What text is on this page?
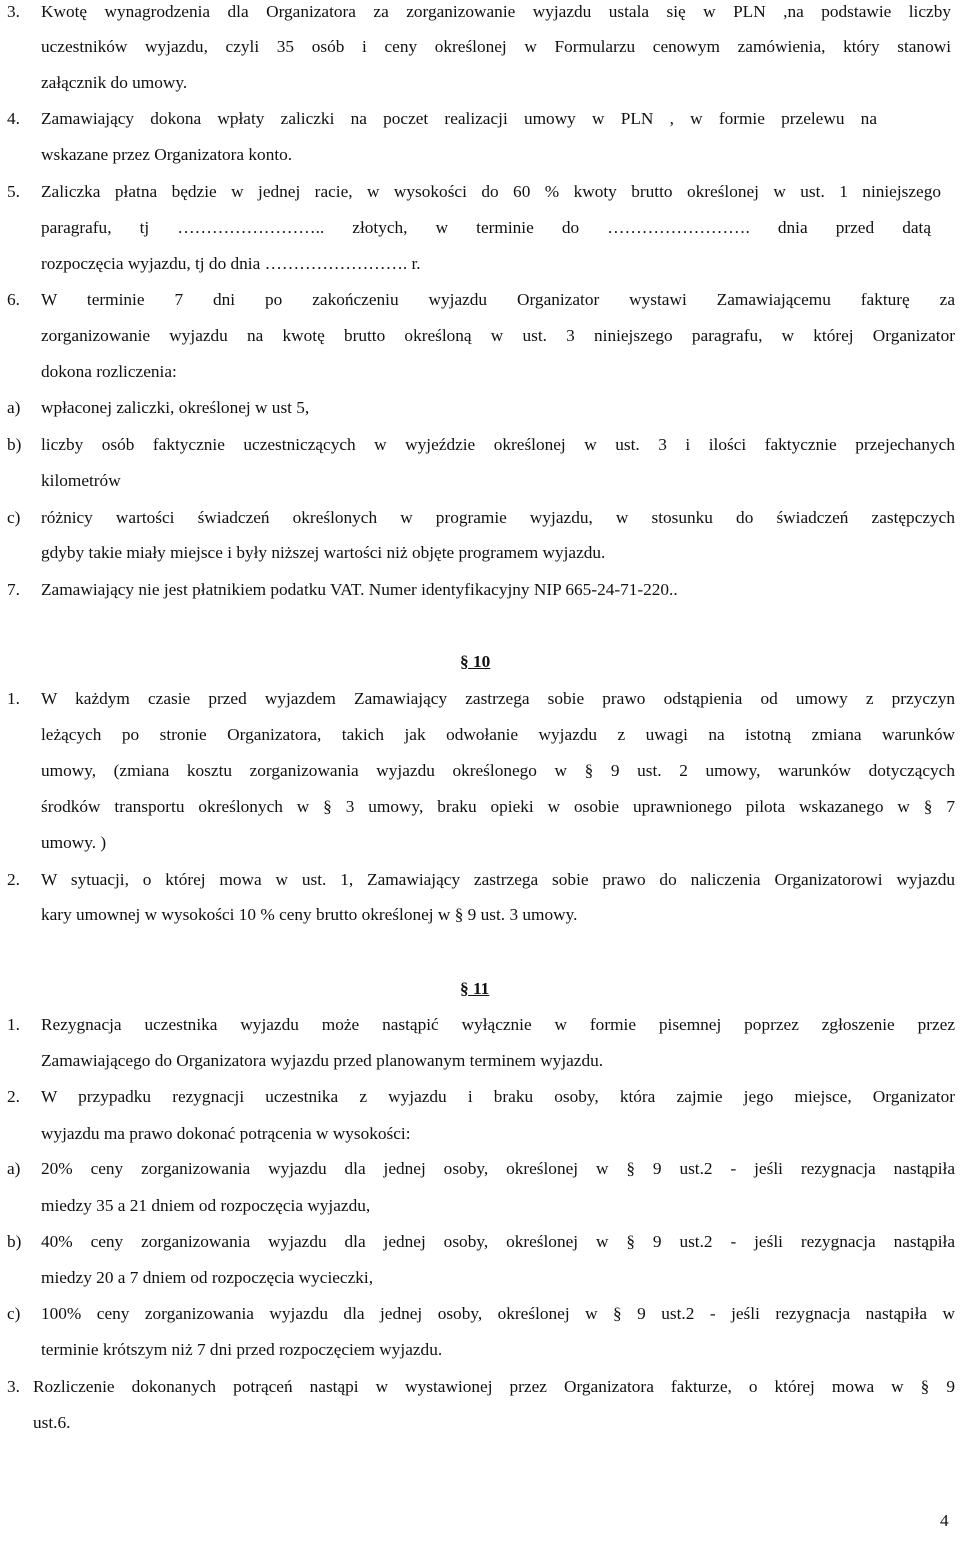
3. Kwotę wynagrodzenia dla Organizatora za zorganizowanie wyjazdu ustala się w PLN ,na podstawie liczby
uczestników wyjazdu, czyli 35 osób i ceny określonej w Formularzu cenowym zamówienia, który stanowi
załącznik do umowy.
4. Zamawiający dokona wpłaty zaliczki na poczet realizacji umowy w PLN , w formie przelewu na
wskazane przez Organizatora konto.
5. Zaliczka płatna będzie w jednej racie, w wysokości do 60 % kwoty brutto określonej w ust. 1 niniejszego
paragrafu, tj …………………….. złotych, w terminie do ……………………. dnia przed datą
rozpoczęcia wyjazdu, tj do dnia ……………………. r.
6. W terminie 7 dni po zakończeniu wyjazdu Organizator wystawi Zamawiającemu fakturę za
zorganizowanie wyjazdu na kwotę brutto określoną w ust. 3 niniejszego paragrafu, w której Organizator
dokona rozliczenia:
a) wpłaconej zaliczki, określonej w ust 5,
b) liczby osób faktycznie uczestniczących w wyjeździe określonej w ust. 3 i ilości faktycznie przejechanych
kilometrów
c) różnicy wartości świadczeń określonych w programie wyjazdu, w stosunku do świadczeń zastępczych
gdyby takie miały miejsce i były niższej wartości niż objęte programem wyjazdu.
7. Zamawiający nie jest płatnikiem podatku VAT. Numer identyfikacyjny NIP 665-24-71-220..
§ 10
1. W każdym czasie przed wyjazdem Zamawiający zastrzega sobie prawo odstąpienia od umowy z przyczyn
leżących po stronie Organizatora, takich jak odwołanie wyjazdu z uwagi na istotną zmiana warunków
umowy, (zmiana kosztu zorganizowania wyjazdu określonego w § 9 ust. 2 umowy, warunków dotyczących
środków transportu określonych w § 3 umowy, braku opieki w osobie uprawnionego pilota wskazanego w § 7
umowy. )
2. W sytuacji, o której mowa w ust. 1, Zamawiający zastrzega sobie prawo do naliczenia Organizatorowi wyjazdu
kary umownej w wysokości 10 % ceny brutto określonej w § 9 ust. 3 umowy.
§ 11
1. Rezygnacja uczestnika wyjazdu może nastąpić wyłącznie w formie pisemnej poprzez zgłoszenie przez
Zamawiającego do Organizatora wyjazdu przed planowanym terminem wyjazdu.
2. W przypadku rezygnacji uczestnika z wyjazdu i braku osoby, która zajmie jego miejsce, Organizator
wyjazdu ma prawo dokonać potrącenia w wysokości:
a) 20% ceny zorganizowania wyjazdu dla jednej osoby, określonej w § 9 ust.2 - jeśli rezygnacja nastąpiła
miedzy 35 a 21 dniem od rozpoczęcia wyjazdu,
b) 40% ceny zorganizowania wyjazdu dla jednej osoby, określonej w § 9 ust.2 - jeśli rezygnacja nastąpiła
miedzy 20 a 7 dniem od rozpoczęcia wycieczki,
c) 100% ceny zorganizowania wyjazdu dla jednej osoby, określonej w § 9 ust.2 - jeśli rezygnacja nastąpiła w
terminie krótszym niż 7 dni przed rozpoczęciem wyjazdu.
3. Rozliczenie dokonanych potrąceń nastąpi w wystawionej przez Organizatora fakturze, o której mowa w § 9
ust.6.
4
